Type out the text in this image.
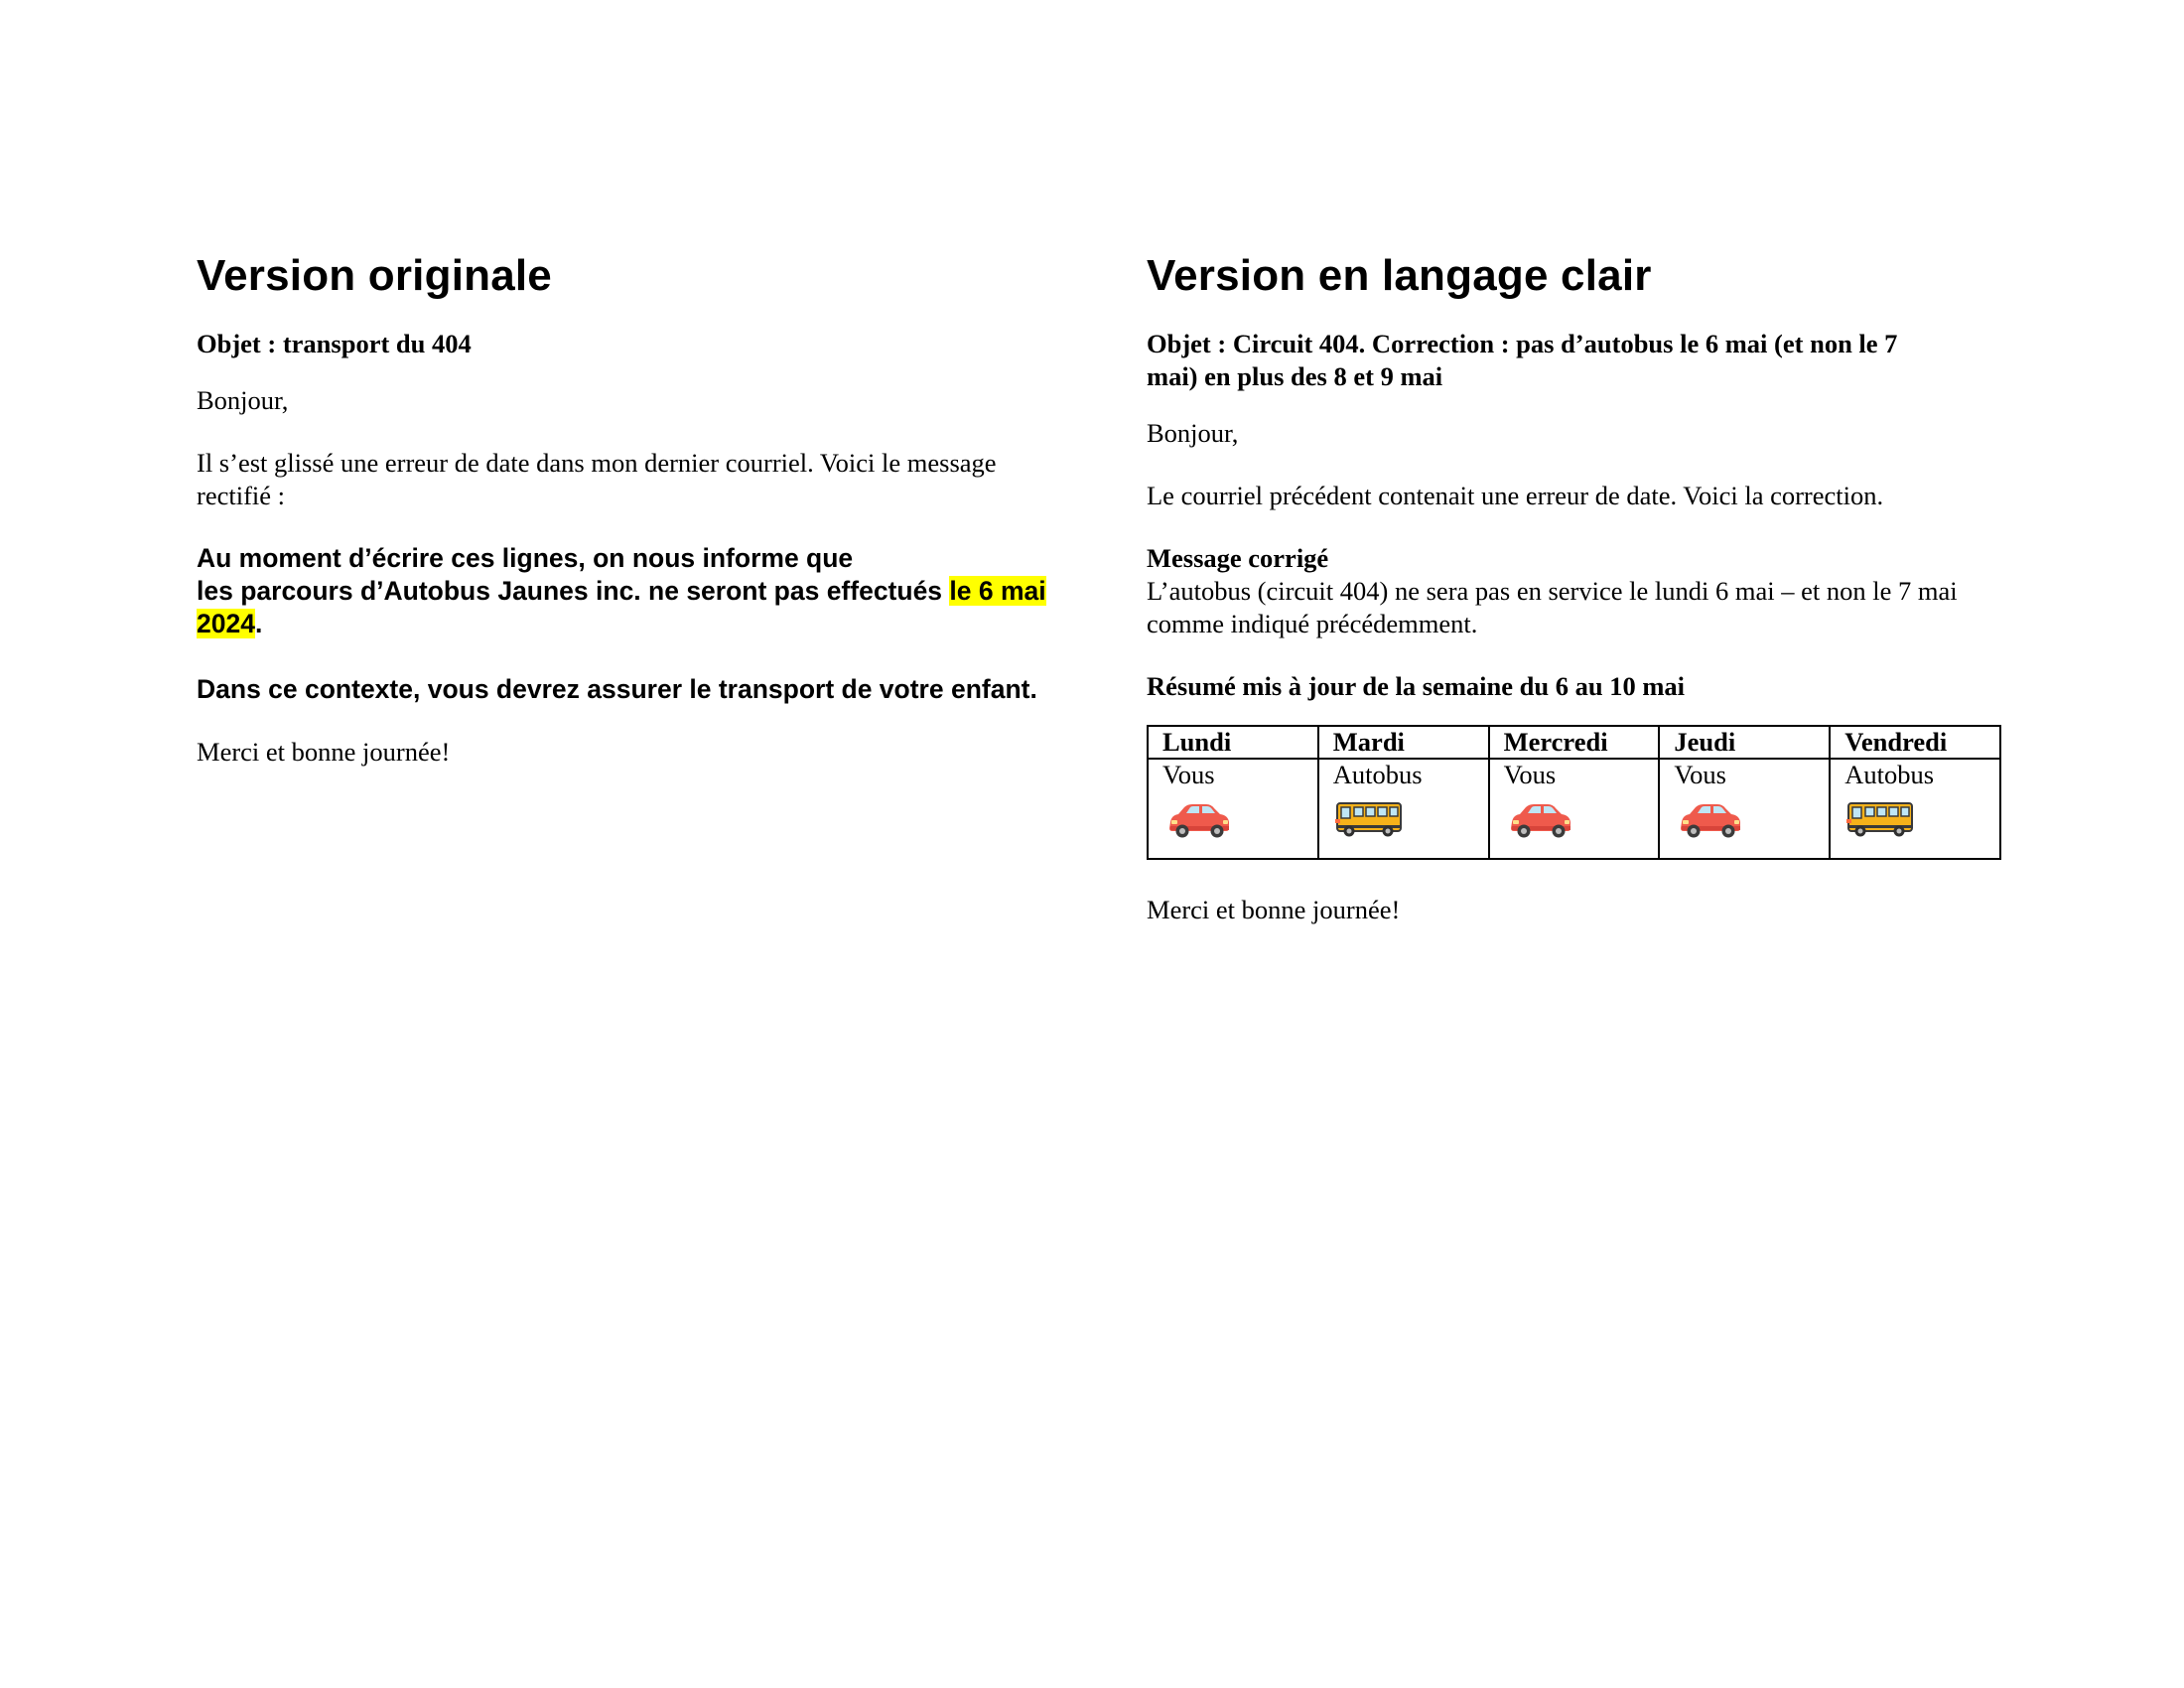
Version originale

Objet : transport du 404

Bonjour,

Il s’est glissé une erreur de date dans mon dernier courriel. Voici le message rectifié :

Au moment d’écrire ces lignes, on nous informe que
les parcours d’Autobus Jaunes inc. ne seront pas effectués le 6 mai 2024.
Dans ce contexte, vous devrez assurer le transport de votre enfant.

Merci et bonne journée!

Version en langage clair

Objet : Circuit 404. Correction : pas d’autobus le 6 mai (et non le 7 mai) en plus des 8 et 9 mai

Bonjour,

Le courriel précédent contenait une erreur de date. Voici la correction.

Message corrigé

L’autobus (circuit 404) ne sera pas en service le lundi 6 mai – et non le 7 mai comme indiqué précédemment.

Résumé mis à jour de la semaine du 6 au 10 mai

Lundi	Mardi	Mercredi	Jeudi	Vendredi
Vous	Autobus	Vous	Vous	Autobus

Merci et bonne journée!
